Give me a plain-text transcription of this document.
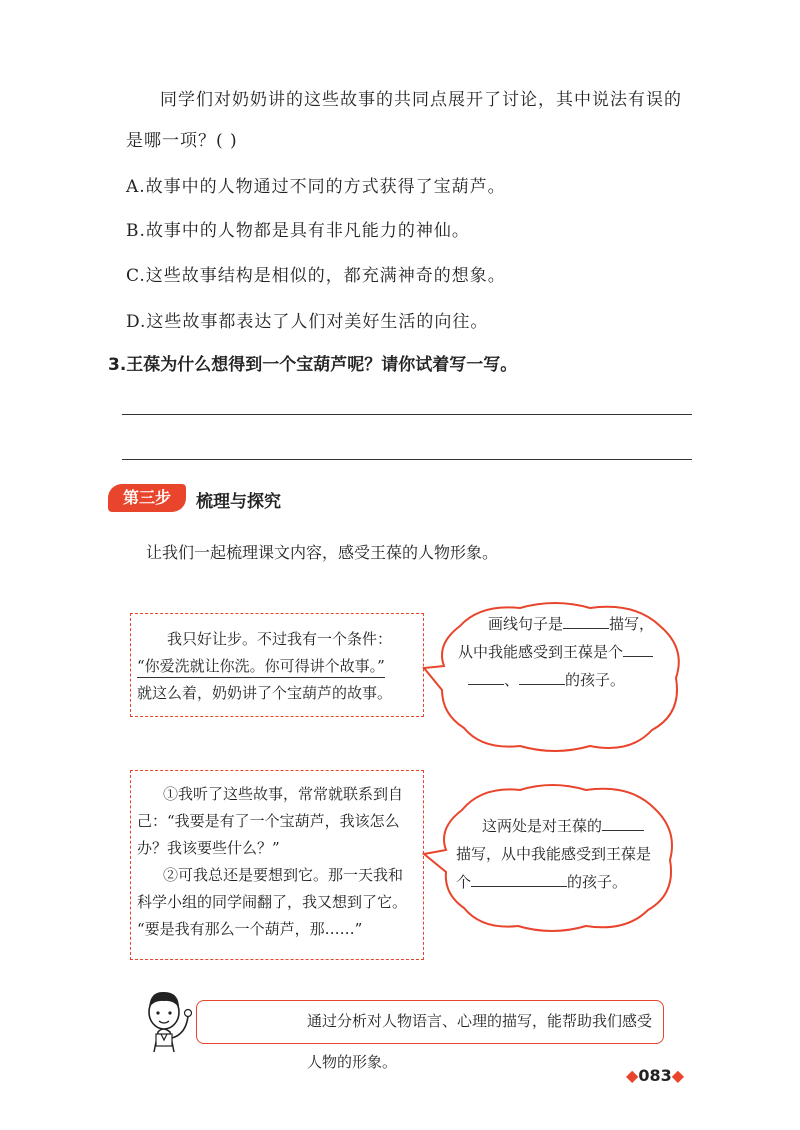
同学们对奶奶讲的这些故事的共同点展开了讨论，其中说法有误的
是哪一项？( )
A.故事中的人物通过不同的方式获得了宝葫芦。
B.故事中的人物都是具有非凡能力的神仙。
C.这些故事结构是相似的，都充满神奇的想象。
D.这些故事都表达了人们对美好生活的向往。
3.王葆为什么想得到一个宝葫芦呢？请你试着写一写。
第三步	梳理与探究
让我们一起梳理课文内容，感受王葆的人物形象。
我只好让步。不过我有一个条件：
“你爱洗就让你洗。你可得讲个故事。”
就这么着，奶奶讲了个宝葫芦的故事。
画线句子是	描写，
从中我能感受到王葆是个
、	的孩子。
①我听了这些故事，常常就联系到自
己：“我要是有了一个宝葫芦，我该怎么
办？我该要些什么？”
②可我总还是要想到它。那一天我和
科学小组的同学闹翻了，我又想到了它。
“要是我有那么一个葫芦，那……”
这两处是对王葆的
描写，从中我能感受到王葆是
个	的孩子。
通过分析对人物语言、心理的描写，能帮助我们感受人物的形象。
◆083◆
